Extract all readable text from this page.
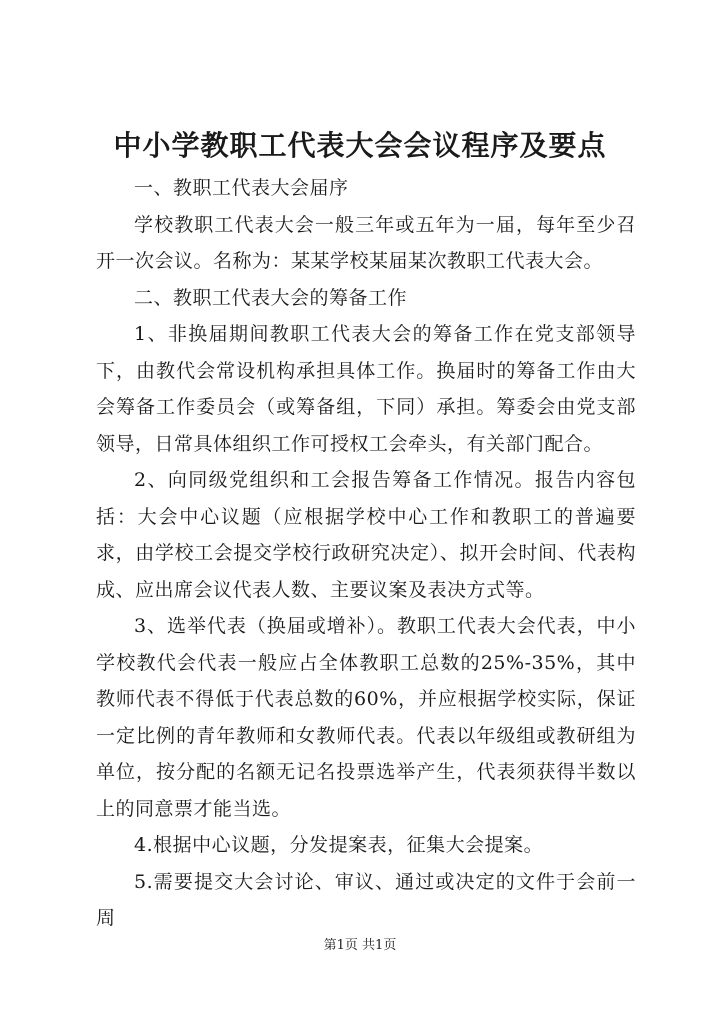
中小学教职工代表大会会议程序及要点

一、教职工代表大会届序

学校教职工代表大会一般三年或五年为一届，每年至少召开一次会议。名称为：某某学校某届某次教职工代表大会。

二、教职工代表大会的筹备工作

1、非换届期间教职工代表大会的筹备工作在党支部领导下，由教代会常设机构承担具体工作。换届时的筹备工作由大会筹备工作委员会（或筹备组，下同）承担。筹委会由党支部领导，日常具体组织工作可授权工会牵头，有关部门配合。

2、向同级党组织和工会报告筹备工作情况。报告内容包括：大会中心议题（应根据学校中心工作和教职工的普遍要求，由学校工会提交学校行政研究决定）、拟开会时间、代表构成、应出席会议代表人数、主要议案及表决方式等。

3、选举代表（换届或增补）。教职工代表大会代表，中小学校教代会代表一般应占全体教职工总数的25%-35%，其中教师代表不得低于代表总数的60%，并应根据学校实际，保证一定比例的青年教师和女教师代表。代表以年级组或教研组为单位，按分配的名额无记名投票选举产生，代表须获得半数以上的同意票才能当选。

4.根据中心议题，分发提案表，征集大会提案。

5.需要提交大会讨论、审议、通过或决定的文件于会前一周

第1页 共1页
